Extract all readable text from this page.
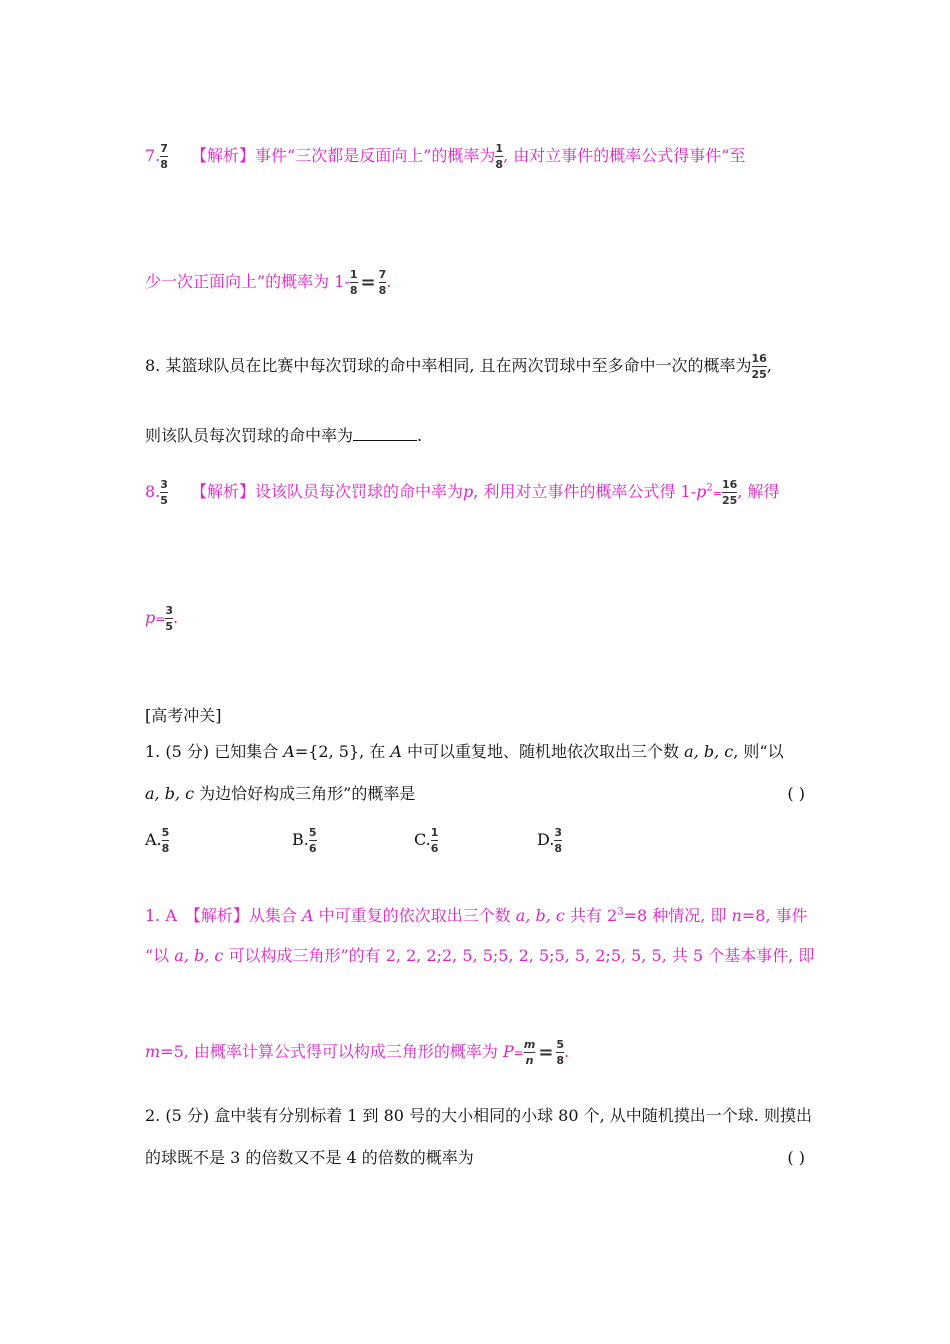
7. $\frac{7}{8}$ 【解析】事件“三次都是反面向上”的概率为 $\frac{1}{8}$ , 由对立事件的概率公式得事件“至
少一次正面向上”的概率为 $1- \frac{1}{8} = \frac{7}{8}$ .
8. 某篮球队员在比赛中每次罚球的命中率相同, 且在两次罚球中至多命中一次的概率为 $\frac{16}{25}$ ,
则该队员每次罚球的命中率为	.
8. $\frac{3}{5}$ 【解析】设该队员每次罚球的命中率为p, 利用对立事件的概率公式得 $1-p^2= \frac{16}{25}$ , 解得
$p= \frac{3}{5}$ .
[高考冲关]
1. (5 分) 已知集合 A={2, 5}, 在 A 中可以重复地、随机地依次取出三个数 a, b, c, 则“以
a, b, c 为边恰好构成三角形”的概率是	( )
A. $\frac{5}{8}$	B. $\frac{5}{6}$	C. $\frac{1}{6}$	D. $\frac{3}{8}$
1. A　【解析】从集合 A 中可重复的依次取出三个数 a, b, c 共有 $2^3=8$ 种情况, 即 n=8, 事件
“以 a, b, c 可以构成三角形”的有 2, 2, 2;2, 5, 5;5, 2, 5;5, 5, 2;5, 5, 5, 共 5 个基本事件, 即
m=5, 由概率计算公式得可以构成三角形的概率为 $P= \frac{m}{n} = \frac{5}{8}$ .
2. (5 分) 盒中装有分别标着 1 到 80 号的大小相同的小球 80 个, 从中随机摸出一个球. 则摸出
的球既不是 3 的倍数又不是 4 的倍数的概率为	( )
